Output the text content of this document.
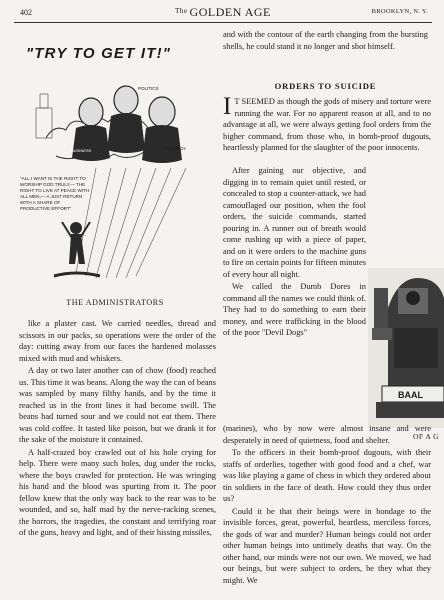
402	$^{The}$ GOLDEN AGE	BROOKLYN, N. Y.
"TRY TO GET IT!"
BUSINESS
POLITICS
CHURCH
"ALL I WANT IS THE RIGHT TO WORSHIP GOD TRULY,— THE RIGHT TO LIVE AT PEACE WITH ALL MEN,— A JUST RETURN WITH A SHARE OF PRODUCTIVE EFFORT"
THE ADMINISTRATORS

like a plaster cast. We carried needles, thread and scissors in our packs, so operations were the order of the day: cutting away from our faces the hardened molasses mixed with mud and whiskers.

A day or two later another can of chow (food) reached us. This time it was beans. Along the way the can of beans was sampled by many filthy hands, and by the time it reached us in the front lines it had become swill. The beans had turned sour and we could not eat them. There was cold coffee. It tasted like poison, but we drank it for the sake of the moisture it contained.

A half-crazed boy crawled out of his hole crying for help. There were many such holes, dug under the rocks, where the boys crawled for protection. He was wringing his hand and the blood was spurting from it. The poor fellow knew that the only way back to the rear was to be wounded, and so, half mad by the nerve-racking scenes, the horrors, the tragedies, the constant and terrifying roar of the guns, heavy and light, and of their hissing missiles,

and with the contour of the earth changing from the bursting shells, he could stand it no longer and shot himself.

ORDERS TO SUICIDE

I T SEEMED as though the gods of misery and torture were running the war. For no apparent reason at all, and to no advantage at all, we were always getting fool orders from the higher command, from those who, in bomb-proof dugouts, heartlessly planned for the slaughter of the poor innocents.

After gaining our objective, and digging in to remain quiet until rested, or concealed to stop a counter-attack, we had camouflaged our position, when the fool orders, the suicide commands, started pouring in. A runner out of breath would come rushing up with a piece of paper, and on it were orders to the machine guns to fire on certain points for fifteen minutes of every hour all night.

We called the Dumb Dores in command all the names we could think of. They had to do something to earn their money, and were trafficking in the blood of the poor "Devil Dogs"

BAAL
OF A G

(marines), who by now were almost insane and were desperately in need of quietness, food and shelter.

To the officers in their bomb-proof dugouts, with their staffs of orderlies, together with good food and a chef, war was like playing a game of chess in which they ordered about tin soldiers in the face of death. How could they thus order us?

Could it be that their beings were in bondage to the invisible forces, great, powerful, heartless, merciless forces, the gods of war and murder? Human beings could not order other human beings into untimely deaths that way. On the other hand, our minds were not our own. We moved, we had our beings, but were subject to orders, be they what they might. We
